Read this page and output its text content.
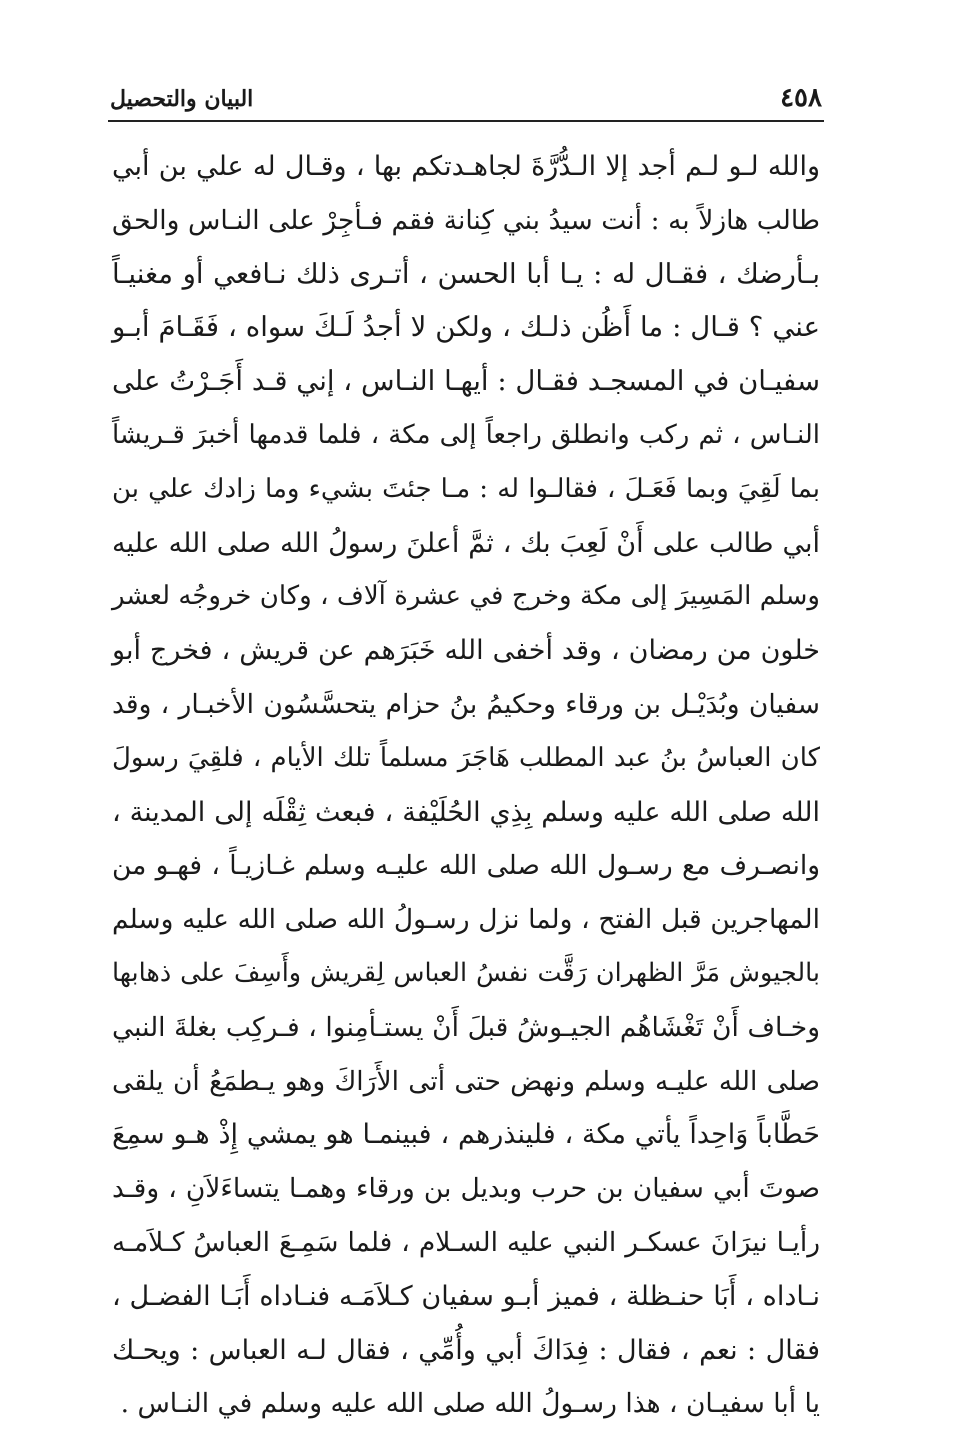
٤٥٨
البيان والتحصيل
والله لـو لـم أجد إلا الـدُّرَّةَ لجاهـدتكم بها ، وقـال له علي بن أبي
طالب هازلاً به : أنت سيدُ بني كِنانة فقم فـأجِرْ على النـاس والحق
بـأرضك ، فقـال له : يـا أبا الحسن ، أتـرى ذلك نـافعي أو مغنيـاً
عني ؟ قـال : ما أَظُن ذلـك ، ولكن لا أجدُ لَـكَ سواه ، فَقَـامَ أبـو
سفيـان في المسجـد فقـال : أيهـا النـاس ، إني قـد أَجَـرْتُ على
النـاس ، ثم ركب وانطلق راجعاً إلى مكة ، فلما قدمها أخبرَ قـريشاً
بما لَقِيَ وبما فَعَـلَ ، فقالـوا له : مـا جئتَ بشيء وما زادك علي بن
أبي طالب على أَنْ لَعِبَ بك ، ثمَّ أعلنَ رسولُ الله صلى الله عليه
وسلم المَسِيرَ إلى مكة وخرج في عشرة آلاف ، وكان خروجُه لعشر
خلون من رمضان ، وقد أخفى الله خَبَرَهم عن قريش ، فخرج أبو
سفيان وبُدَيْـل بن ورقاء وحكيمُ بنُ حزام يتحسَّسُون الأخبـار ، وقد
كان العباسُ بنُ عبد المطلب هَاجَرَ مسلماً تلك الأيام ، فلقِيَ رسولَ
الله صلى الله عليه وسلم بِذِي الحُلَيْفة ، فبعث ثِقْلَه إلى المدينة ،
وانصـرف مع رسـول الله صلى الله عليـه وسلم غـازيـاً ، فهـو من
المهاجرين قبل الفتح ، ولما نزل رسـولُ الله صلى الله عليه وسلم
بالجيوش مَرَّ الظهران رَقَّت نفسُ العباس لِقريش وأَسِفَ على ذهابها
وخـاف أَنْ تَغْشَاهُم الجيـوشُ قبلَ أَنْ يستـأمِنوا ، فـركِب بغلةَ النبي
صلى الله عليـه وسلم ونهض حتى أتى الأَرَاكَ وهو يـطمَعُ أن يلقى
حَطَّاباً وَاحِداً يأتي مكة ، فلينذرهم ، فبينمـا هو يمشي إِذْ هـو سمِعَ
صوتَ أبي سفيان بن حرب وبديل بن ورقاء وهمـا يتساءَلاَنِ ، وقـد
رأيـا نيرَانَ عسكـر النبي عليه السـلام ، فلما سَمِـعَ العباسُ كـلاَمـه
نـاداه ، أَبَا حنـظلة ، فميز أبـو سفيان كـلاَمَـه فنـاداه أَبَـا الفضـل ،
فقال : نعم ، فقال : فِدَاكَ أبي وأُمِّي ، فقال لـه العباس : ويحـك
يا أبا سفيـان ، هذا رسـولُ الله صلى الله عليه وسلم في النـاس .
